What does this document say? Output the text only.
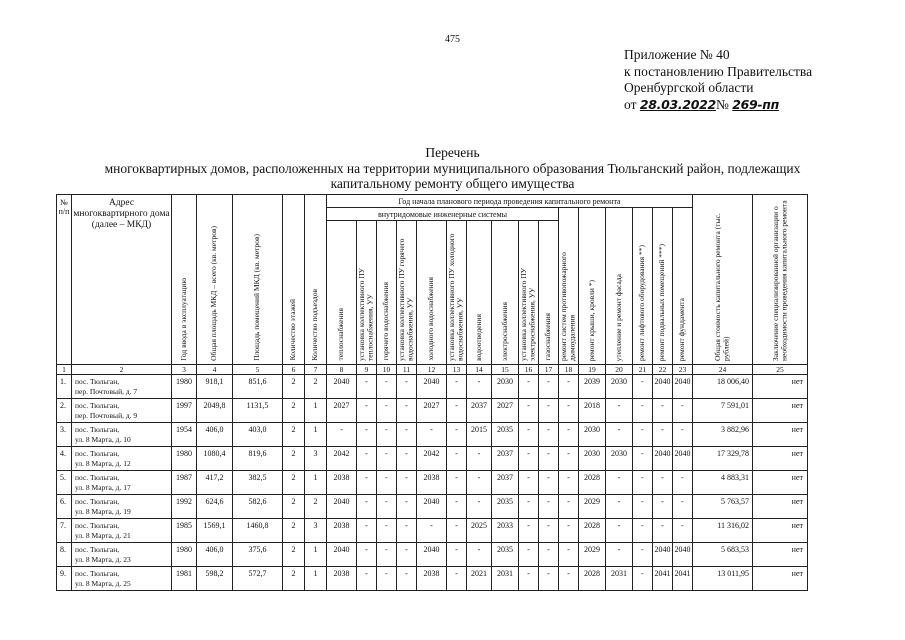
475
Приложение № 40
к постановлению Правительства
Оренбургской области
от 28.03.2022№ 269-пп
Перечень
многоквартирных домов, расположенных на территории муниципального образования Тюльганский район, подлежащих
капитальному ремонту общего имущества
№ п/п	Адрес многоквартирного дома (далее – МКД)	Год ввода в эксплуатацию	Общая площадь МКД – всего (кв. метров)	Площадь помещений МКД (кв. метров)	Количество этажей	Количество подъездов	Год начала планового периода проведения капитального ремонта																Общая стоимость капитального ремонта (тыс. рублей)	Заключение специализированной организации о необходимости проведения капитального ремонта

							внутридомовые инженерные системы										ремонт систем противопожарного дымоудаления	ремонт крыши, кровли *)	утепление и ремонт фасада	ремонт лифтового оборудования **)	ремонт подвальных помещений ***)	ремонт фундамента		

							теплоснабжения	установка коллективного ПУ теплоснабжения, УУ	горячего водоснабжения	установка коллективного ПУ горячего водоснабжения, УУ	холодного водоснабжения	установка коллективного ПУ холодного водоснабжения, УУ	водоотведения	электроснабжения	установка коллективного ПУ электроснабжения, УУ	газоснабжения								

1	2	3	4	5	6	7	8	9	10	11	12	13	14	15	16	17	18	19	20	21	22	23	24	25
1.	пос. Тюльган,
пер. Почтовый, д. 7	1980	918,1	851,6	2	2	2040	-	-	-	2040	-	-	2030	-	-	-	2039	2030	-	2040	2040	18 006,40	нет
2.	пос. Тюльган,
пер. Почтовый, д. 9	1997	2049,8	1131,5	2	1	2027	-	-	-	2027	-	2037	2027	-	-	-	2018	-	-	-	-	7 591,01	нет
3.	пос. Тюльган,
ул. 8 Марта, д. 10	1954	406,0	403,0	2	1	-	-	-	-	-	-	2015	2035	-	-	-	2030	-	-	-	-	3 882,96	нет
4.	пос. Тюльган,
ул. 8 Марта, д. 12	1980	1080,4	819,6	2	3	2042	-	-	-	2042	-	-	2037	-	-	-	2030	2030	-	2040	2040	17 329,78	нет
5.	пос. Тюльган,
ул. 8 Марта, д. 17	1987	417,2	382,5	2	1	2038	-	-	-	2038	-	-	2037	-	-	-	2028	-	-	-	-	4 883,31	нет
6.	пос. Тюльган,
ул. 8 Марта, д. 19	1992	624,6	582,6	2	2	2040	-	-	-	2040	-	-	2035	-	-	-	2029	-	-	-	-	5 763,57	нет
7.	пос. Тюльган,
ул. 8 Марта, д. 21	1985	1569,1	1460,8	2	3	2038	-	-	-	-	-	2025	2033	-	-	-	2028	-	-	-	-	11 316,02	нет
8.	пос. Тюльган,
ул. 8 Марта, д. 23	1980	406,0	375,6	2	1	2040	-	-	-	2040	-	-	2035	-	-	-	2029	-	-	2040	2040	5 683,53	нет
9.	пос. Тюльган,
ул. 8 Марта, д. 25	1981	598,2	572,7	2	1	2038	-	-	-	2038	-	2021	2031	-	-	-	2028	2031	-	2041	2041	13 011,95	нет
